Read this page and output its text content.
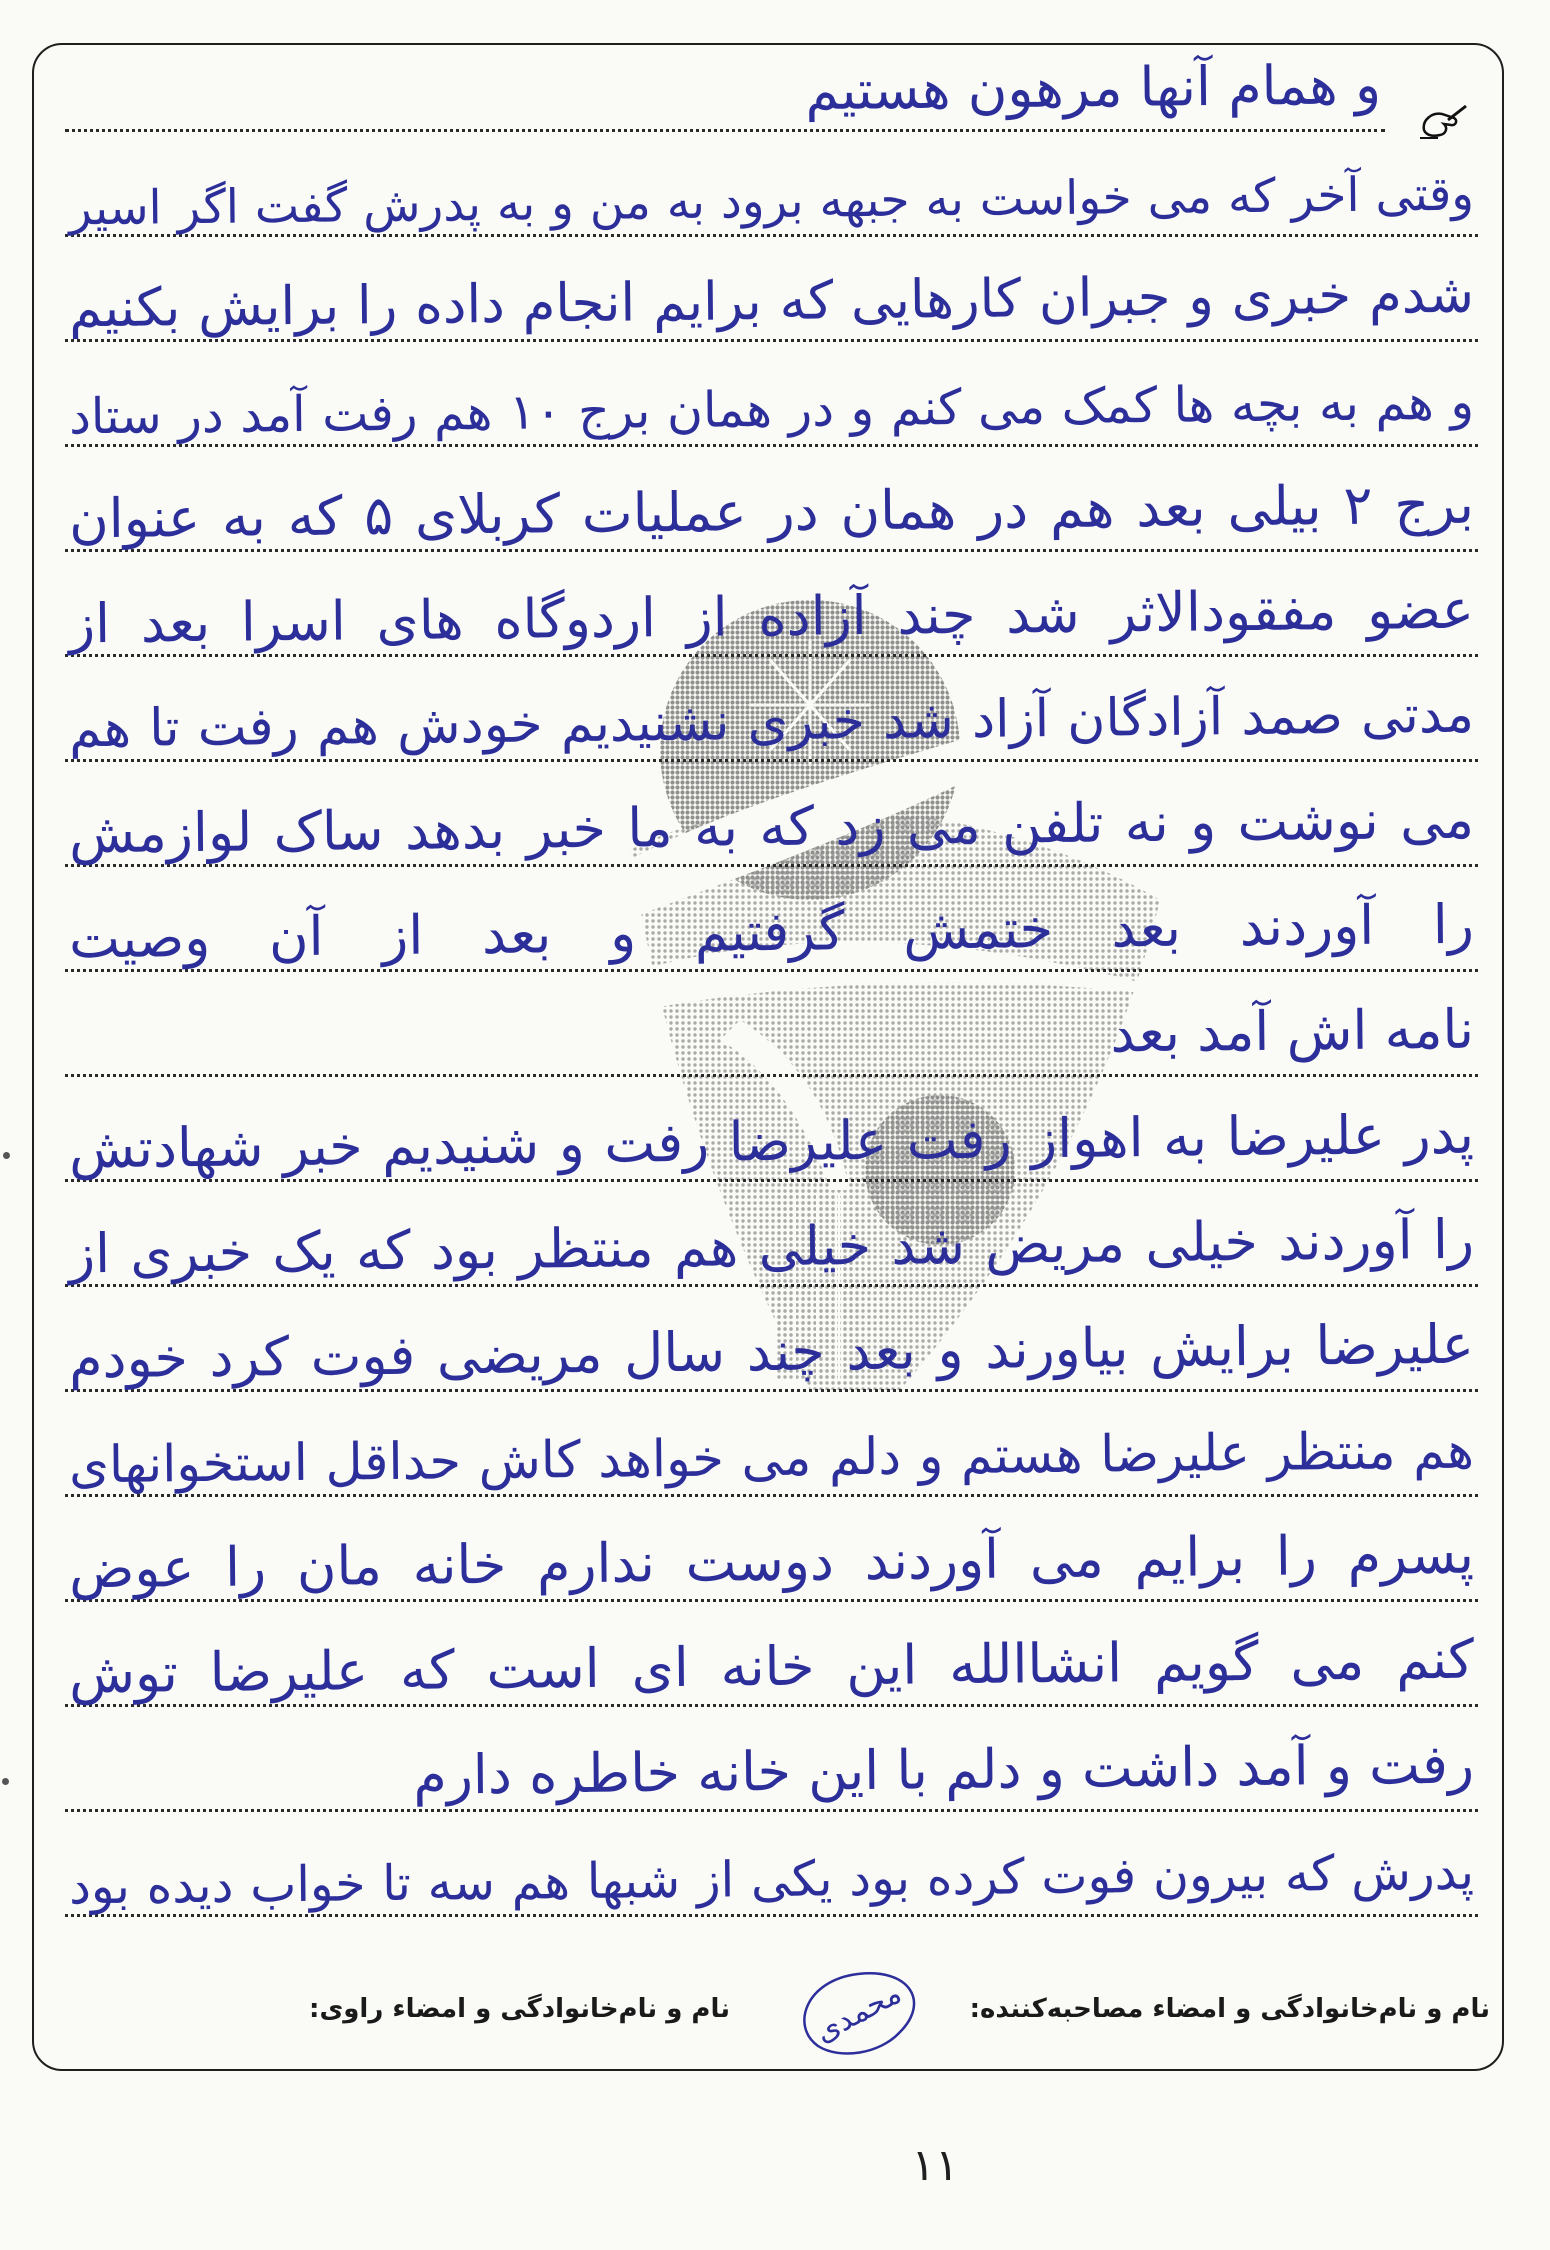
و همام آنها مرهون هستیم
وقتی آخر که می خواست به جبهه برود به من و به پدرش گفت اگر اسیر
شدم خبری و جبران کارهایی که برایم انجام داده را برایش بکنیم
و هم به بچه ها کمک می کنم و در همان برج ۱۰ هم رفت آمد در ستاد
برج ۲ بیلی بعد هم در همان در عملیات کربلای ۵ که به عنوان
عضو مفقودالاثر شد چند آزاده از اردوگاه های اسرا بعد از
مدتی صمد آزادگان آزاد شد خبری نشنیدیم خودش هم رفت تا هم
می نوشت و نه تلفن می زد که به ما خبر بدهد ساک لوازمش
را آوردند بعد ختمش گرفتیم و بعد از آن وصیت
نامه اش آمد بعد
پدر علیرضا به اهواز رفت علیرضا رفت و شنیدیم خبر شهادتش
را آوردند خیلی مریض شد خیلی هم منتظر بود که یک خبری از
علیرضا برایش بیاورند و بعد چند سال مریضی فوت کرد خودم
هم منتظر علیرضا هستم و دلم می خواهد کاش حداقل استخوانهای
پسرم را برایم می آوردند دوست ندارم خانه مان را عوض
کنم می گویم انشاالله این خانه ای است که علیرضا توش
رفت و آمد داشت و دلم با این خانه خاطره دارم
پدرش که بیرون فوت کرده بود یکی از شبها هم سه تا خواب دیده بود
نام و نام‌خانوادگی و امضاء مصاحبه‌کننده:
محمدی
نام و نام‌خانوادگی و امضاء راوی:
۱۱
